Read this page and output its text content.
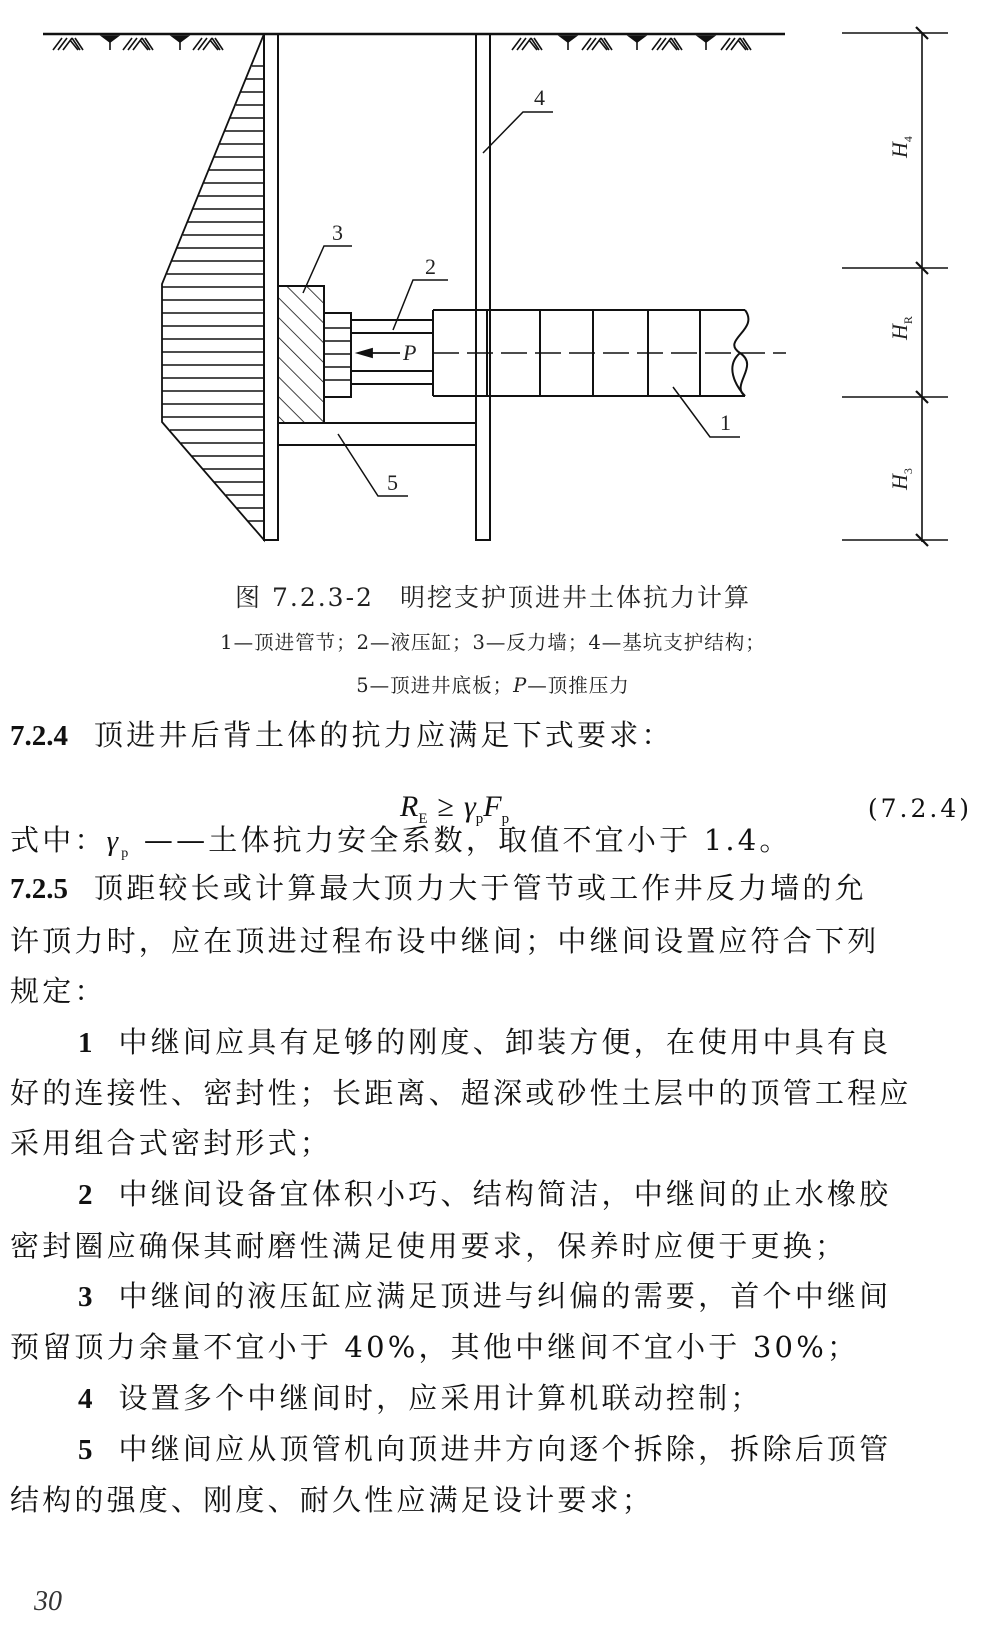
3
2
4
1
5
P
$H_4$
$H_R$
$H_3$
图 7.2.3-2 明挖支护顶进井土体抗力计算
1—顶进管节；2—液压缸；3—反力墙；4—基坑支护结构；
5—顶进井底板；P—顶推压力
7.2.4 顶进井后背土体的抗力应满足下式要求：
$R_E \ge \gamma_pF_p$	(7.2.4)
式中：$\gamma_p$ ——土体抗力安全系数，取值不宜小于 1.4。
7.2.5 顶距较长或计算最大顶力大于管节或工作井反力墙的允
许顶力时，应在顶进过程布设中继间；中继间设置应符合下列
规定：
1 中继间应具有足够的刚度、卸装方便，在使用中具有良
好的连接性、密封性；长距离、超深或砂性土层中的顶管工程应
采用组合式密封形式；
2 中继间设备宜体积小巧、结构简洁，中继间的止水橡胶
密封圈应确保其耐磨性满足使用要求，保养时应便于更换；
3 中继间的液压缸应满足顶进与纠偏的需要，首个中继间
预留顶力余量不宜小于 40%，其他中继间不宜小于 30%；
4 设置多个中继间时，应采用计算机联动控制；
5 中继间应从顶管机向顶进井方向逐个拆除，拆除后顶管
结构的强度、刚度、耐久性应满足设计要求；
30
